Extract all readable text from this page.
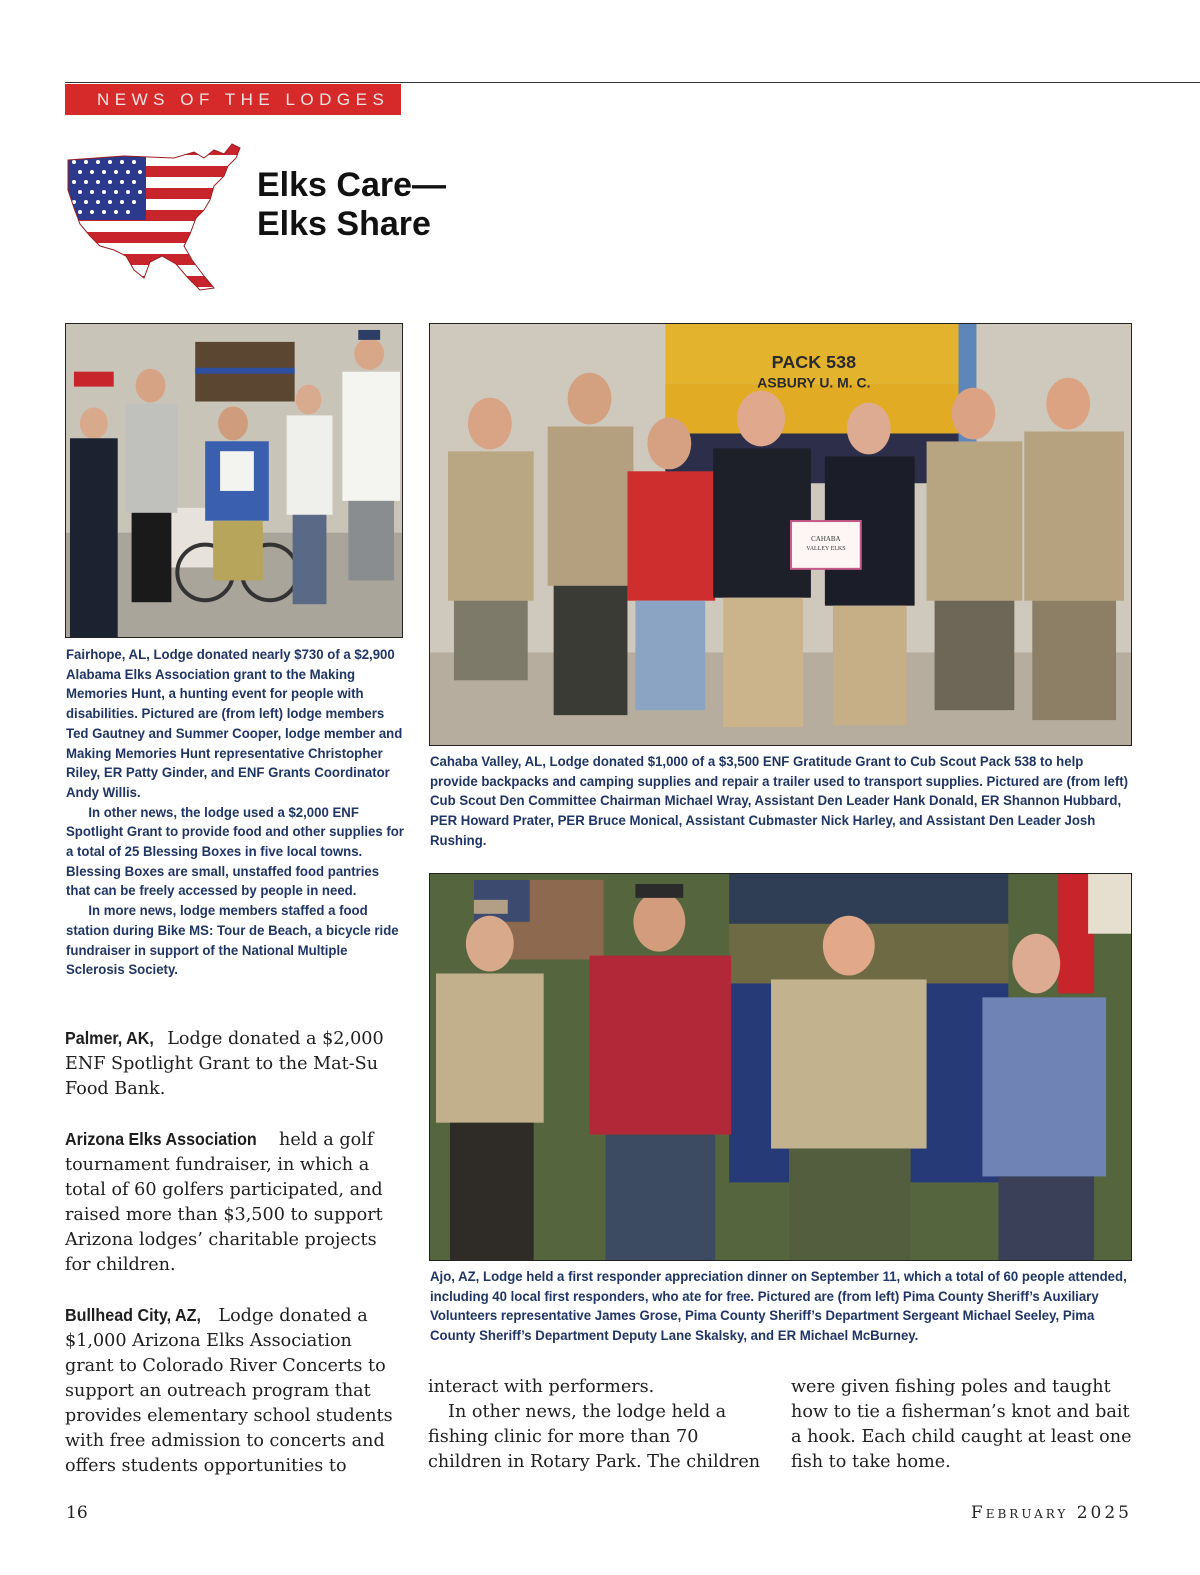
NEWS OF THE LODGES
Elks Care—
Elks Share
PACK 538
ASBURY U. M. C.
CAHABA
VALLEY ELKS

Fairhope, AL, Lodge donated nearly $730 of a $2,900 Alabama Elks Association grant to the Making Memories Hunt, a hunting event for people with disabilities. Pictured are (from left) lodge members Ted Gautney and Summer Cooper, lodge member and Making Memories Hunt representative Christopher Riley, ER Patty Ginder, and ENF Grants Coordinator Andy Willis.

In other news, the lodge used a $2,000 ENF Spotlight Grant to provide food and other supplies for a total of 25 Blessing Boxes in five local towns. Blessing Boxes are small, unstaffed food pantries that can be freely accessed by people in need.

In more news, lodge members staffed a food station during Bike MS: Tour de Beach, a bicycle ride fundraiser in support of the National Multiple Sclerosis Society.

Cahaba Valley, AL, Lodge donated $1,000 of a $3,500 ENF Gratitude Grant to Cub Scout Pack 538 to help provide backpacks and camping supplies and repair a trailer used to transport supplies. Pictured are (from left) Cub Scout Den Committee Chairman Michael Wray, Assistant Den Leader Hank Donald, ER Shannon Hubbard, PER Howard Prater, PER Bruce Monical, Assistant Cubmaster Nick Harley, and Assistant Den Leader Josh Rushing.

Ajo, AZ, Lodge held a first responder appreciation dinner on September 11, which a total of 60 people attended, including 40 local first responders, who ate for free. Pictured are (from left) Pima County Sheriff’s Auxiliary Volunteers representative James Grose, Pima County Sheriff’s Department Sergeant Michael Seeley, Pima County Sheriff’s Department Deputy Lane Skalsky, and ER Michael McBurney.

Palmer, AK, Lodge donated a $2,000 ENF Spotlight Grant to the Mat-Su Food Bank.

Arizona Elks Association held a golf tournament fundraiser, in which a total of 60 golfers participated, and raised more than $3,500 to support Arizona lodges’ charitable projects for children.

Bullhead City, AZ, Lodge donated a $1,000 Arizona Elks Association grant to Colorado River Concerts to support an outreach program that provides elementary school students with free admission to concerts and offers students opportunities to

interact with performers.

In other news, the lodge held a fishing clinic for more than 70 children in Rotary Park. The children

were given fishing poles and taught how to tie a fisherman’s knot and bait a hook. Each child caught at least one fish to take home.

16	February 2025
